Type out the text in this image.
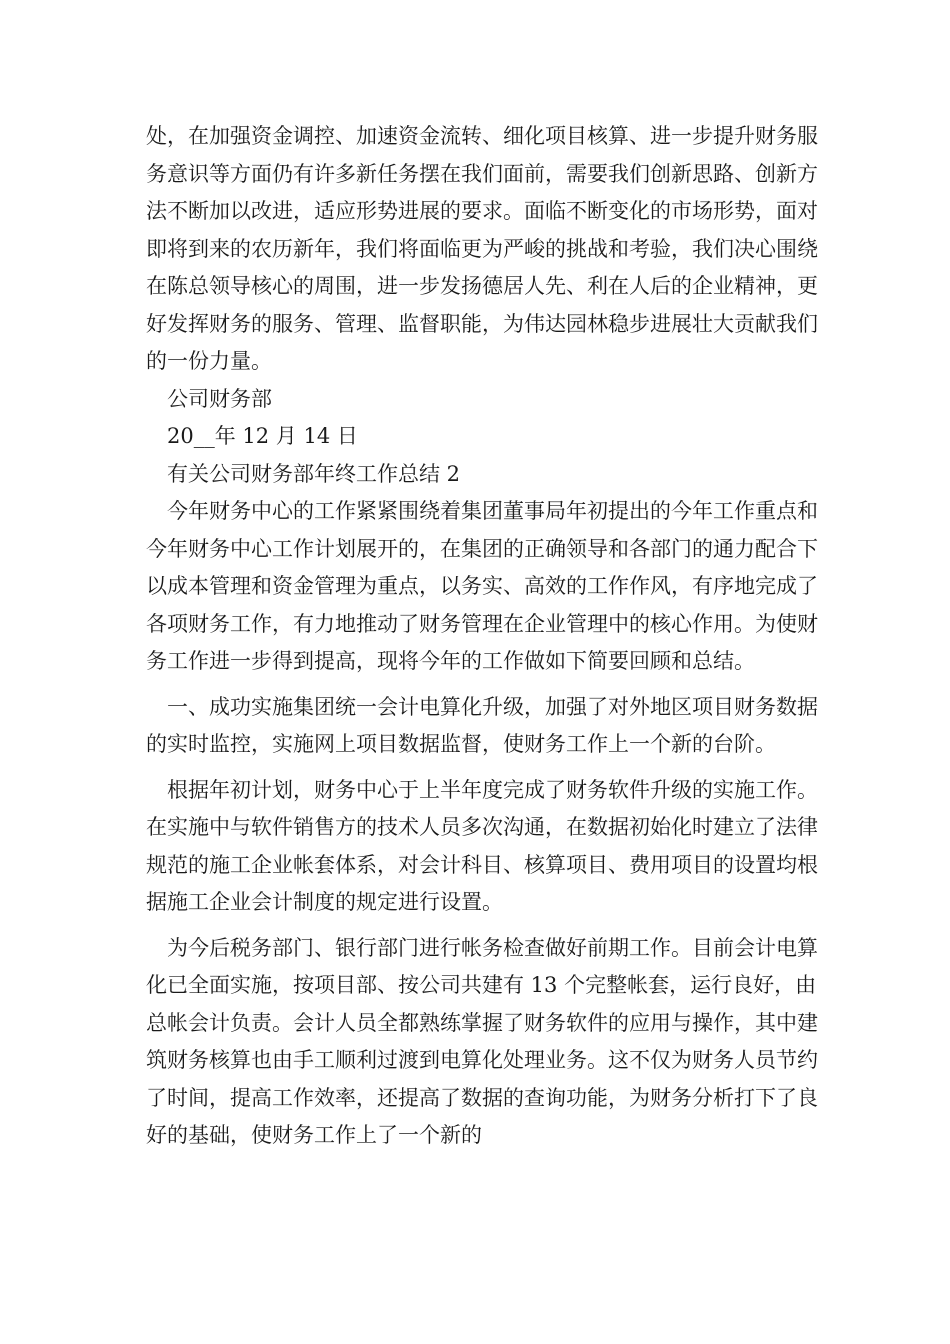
处，在加强资金调控、加速资金流转、细化项目核算、进一步提升财务服务意识等方面仍有许多新任务摆在我们面前，需要我们创新思路、创新方法不断加以改进，适应形势进展的要求。面临不断变化的市场形势，面对即将到来的农历新年，我们将面临更为严峻的挑战和考验，我们决心围绕在陈总领导核心的周围，进一步发扬德居人先、利在人后的企业精神，更好发挥财务的服务、管理、监督职能，为伟达园林稳步进展壮大贡献我们的一份力量。

公司财务部

20__年 12 月 14 日

有关公司财务部年终工作总结 2

今年财务中心的工作紧紧围绕着集团董事局年初提出的今年工作重点和今年财务中心工作计划展开的，在集团的正确领导和各部门的通力配合下以成本管理和资金管理为重点，以务实、高效的工作作风，有序地完成了各项财务工作，有力地推动了财务管理在企业管理中的核心作用。为使财务工作进一步得到提高，现将今年的工作做如下简要回顾和总结。

一、成功实施集团统一会计电算化升级，加强了对外地区项目财务数据的实时监控，实施网上项目数据监督，使财务工作上一个新的台阶。

根据年初计划，财务中心于上半年度完成了财务软件升级的实施工作。在实施中与软件销售方的技术人员多次沟通，在数据初始化时建立了法律规范的施工企业帐套体系，对会计科目、核算项目、费用项目的设置均根据施工企业会计制度的规定进行设置。

为今后税务部门、银行部门进行帐务检查做好前期工作。目前会计电算化已全面实施，按项目部、按公司共建有 13 个完整帐套，运行良好，由总帐会计负责。会计人员全都熟练掌握了财务软件的应用与操作，其中建筑财务核算也由手工顺利过渡到电算化处理业务。这不仅为财务人员节约了时间，提高工作效率，还提高了数据的查询功能，为财务分析打下了良好的基础，使财务工作上了一个新的
